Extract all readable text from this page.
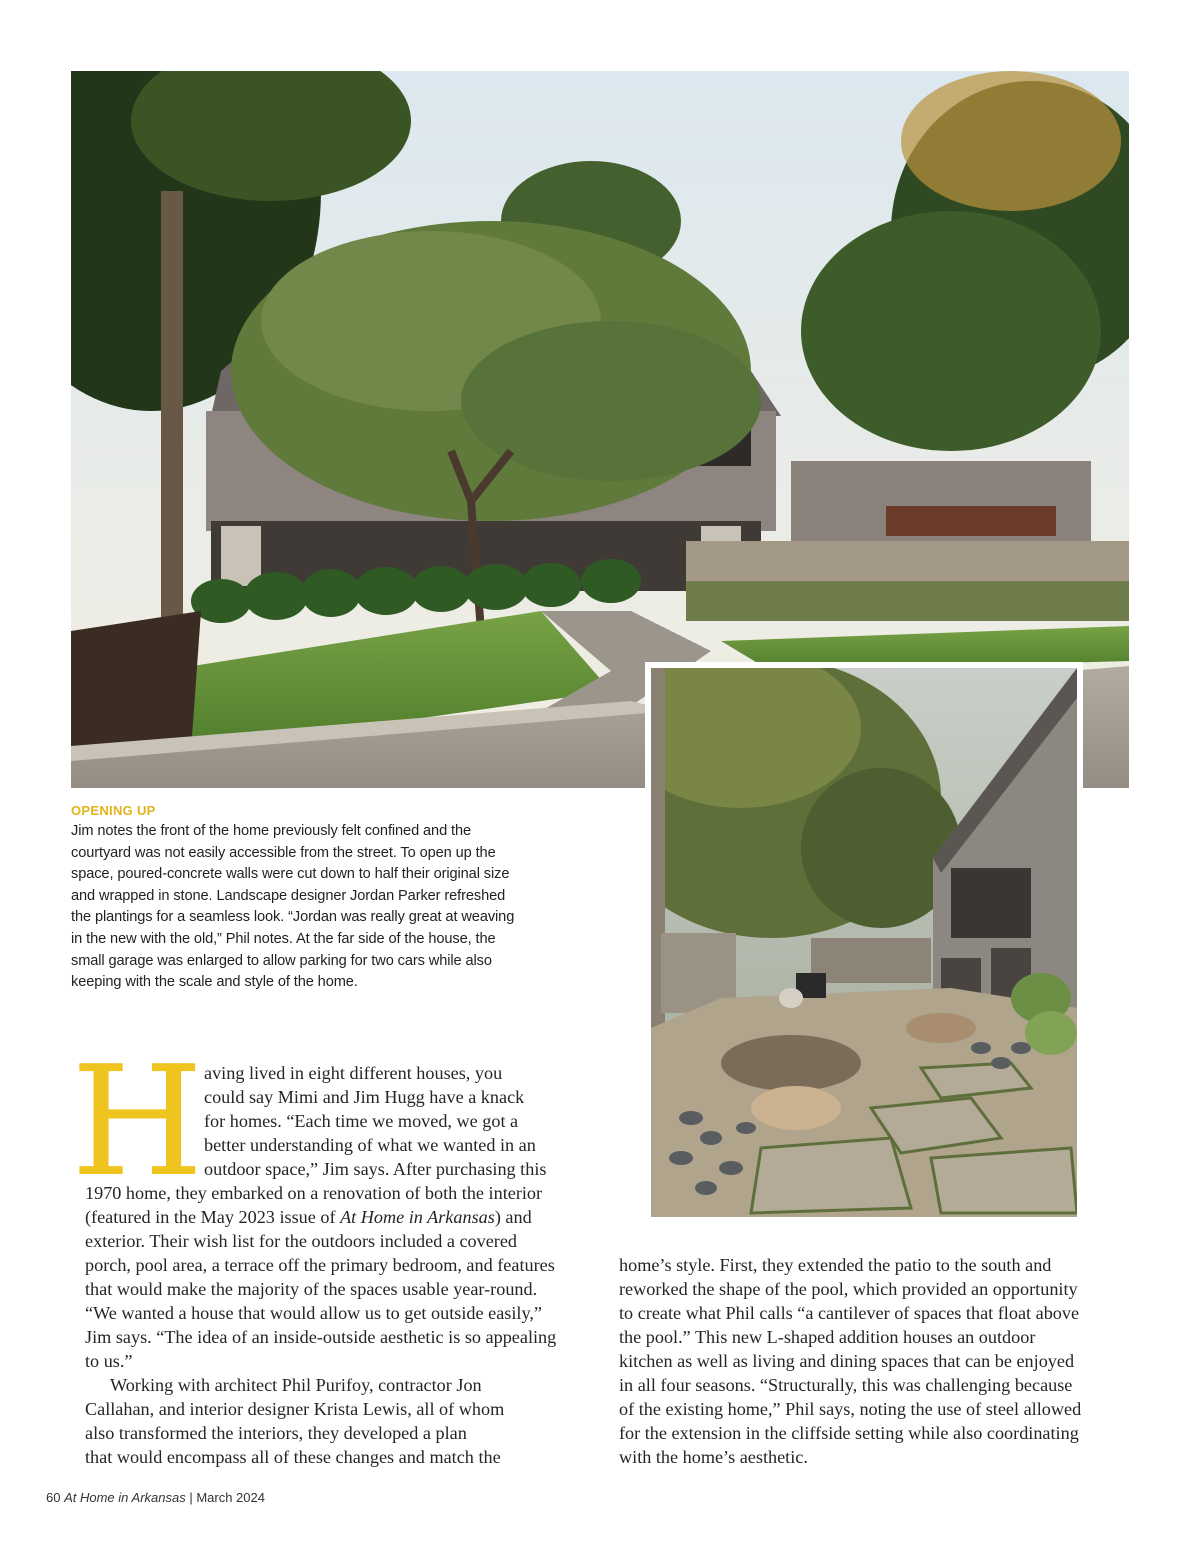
OPENING UP
Jim notes the front of the home previously felt confined and the
courtyard was not easily accessible from the street. To open up the
space, poured-concrete walls were cut down to half their original size
and wrapped in stone. Landscape designer Jordan Parker refreshed
the plantings for a seamless look. “Jordan was really great at weaving
in the new with the old,” Phil notes. At the far side of the house, the
small garage was enlarged to allow parking for two cars while also
keeping with the scale and style of the home.
H aving lived in eight different houses, you
could say Mimi and Jim Hugg have a knack
for homes. “Each time we moved, we got a
better understanding of what we wanted in an
outdoor space,” Jim says. After purchasing this
1970 home, they embarked on a renovation of both the interior
(featured in the May 2023 issue of At Home in Arkansas) and
exterior. Their wish list for the outdoors included a covered
porch, pool area, a terrace off the primary bedroom, and features
that would make the majority of the spaces usable year-round.
“We wanted a house that would allow us to get outside easily,”
Jim says. “The idea of an inside-outside aesthetic is so appealing
to us.”
Working with architect Phil Purifoy, contractor Jon
Callahan, and interior designer Krista Lewis, all of whom
also transformed the interiors, they developed a plan
that would encompass all of these changes and match the
home’s style. First, they extended the patio to the south and
reworked the shape of the pool, which provided an opportunity
to create what Phil calls “a cantilever of spaces that float above
the pool.” This new L-shaped addition houses an outdoor
kitchen as well as living and dining spaces that can be enjoyed
in all four seasons. “Structurally, this was challenging because
of the existing home,” Phil says, noting the use of steel allowed
for the extension in the cliffside setting while also coordinating
with the home’s aesthetic.
60 At Home in Arkansas | March 2024
